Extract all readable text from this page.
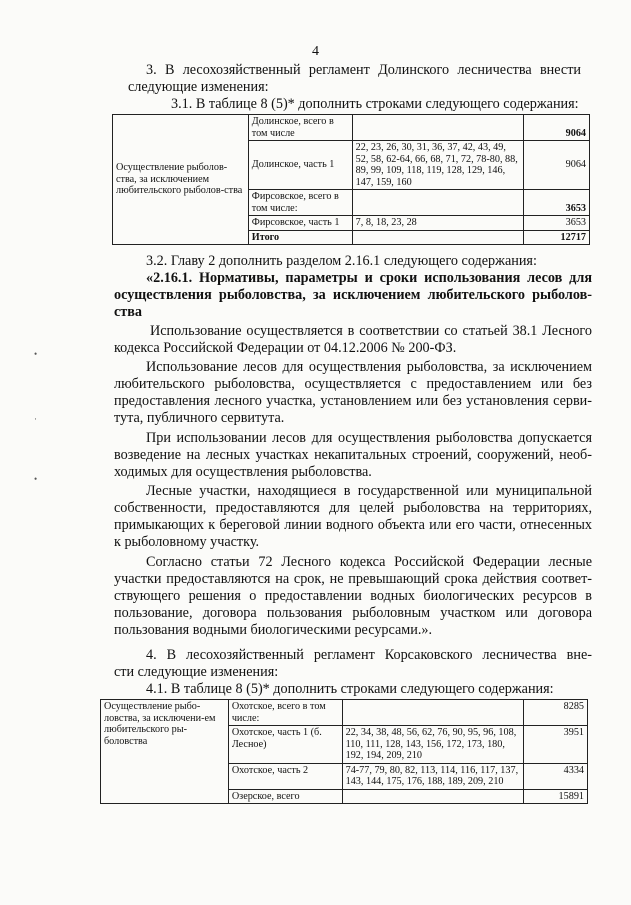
4

3. В лесохозяйственный регламент Долинского лесничества внести

следующие изменения:

3.1. В таблице 8 (5)* дополнить строками следующего содержания:

Осуществление рыболов-ства, за исключением любительского рыболов-ства	Долинское, всего в том числе		9064
	Долинское, часть 1	22, 23, 26, 30, 31, 36, 37, 42, 43, 49, 52, 58, 62-64, 66, 68, 71, 72, 78-80, 88, 89, 99, 109, 118, 119, 128, 129, 146, 147, 159, 160	9064
	Фирсовское, всего в том числе:		3653
	Фирсовское, часть 1	7, 8, 18, 23, 28	3653
	Итого		12717

3.2. Главу 2 дополнить разделом 2.16.1 следующего содержания:

«2.16.1. Нормативы, параметры и сроки использования лесов для

осуществления рыболовства, за исключением любительского рыболов-

ства

Использование осуществляется в соответствии со статьей 38.1 Лесного

кодекса Российской Федерации от 04.12.2006 № 200-ФЗ.

Использование лесов для осуществления рыболовства, за исключением

любительского рыболовства, осуществляется с предоставлением или без

предоставления лесного участка, установлением или без установления серви-

тута, публичного сервитута.

При использовании лесов для осуществления рыболовства допускается

возведение на лесных участках некапитальных строений, сооружений, необ-

ходимых для осуществления рыболовства.

Лесные участки, находящиеся в государственной или муниципальной

собственности, предоставляются для целей рыболовства на территориях,

примыкающих к береговой линии водного объекта или его части, отнесенных

к рыболовному участку.

Согласно статьи 72 Лесного кодекса Российской Федерации лесные

участки предоставляются на срок, не превышающий срока действия соответ-

ствующего решения о предоставлении водных биологических ресурсов в

пользование, договора пользования рыболовным участком или договора

пользования водными биологическими ресурсами.».

4. В лесохозяйственный регламент Корсаковского лесничества вне-

сти следующие изменения:

4.1. В таблице 8 (5)* дополнить строками следующего содержания:

Осуществление рыбо-ловства, за исключени-ем любительского ры-боловства	Охотское, всего в том числе:		8285
	Охотское, часть 1 (б. Лесное)	22, 34, 38, 48, 56, 62, 76, 90, 95, 96, 108, 110, 111, 128, 143, 156, 172, 173, 180, 192, 194, 209, 210	3951
	Охотское, часть 2	74-77, 79, 80, 82, 113, 114, 116, 117, 137, 143, 144, 175, 176, 188, 189, 209, 210	4334
	Озерское, всего		15891
•
·
•
